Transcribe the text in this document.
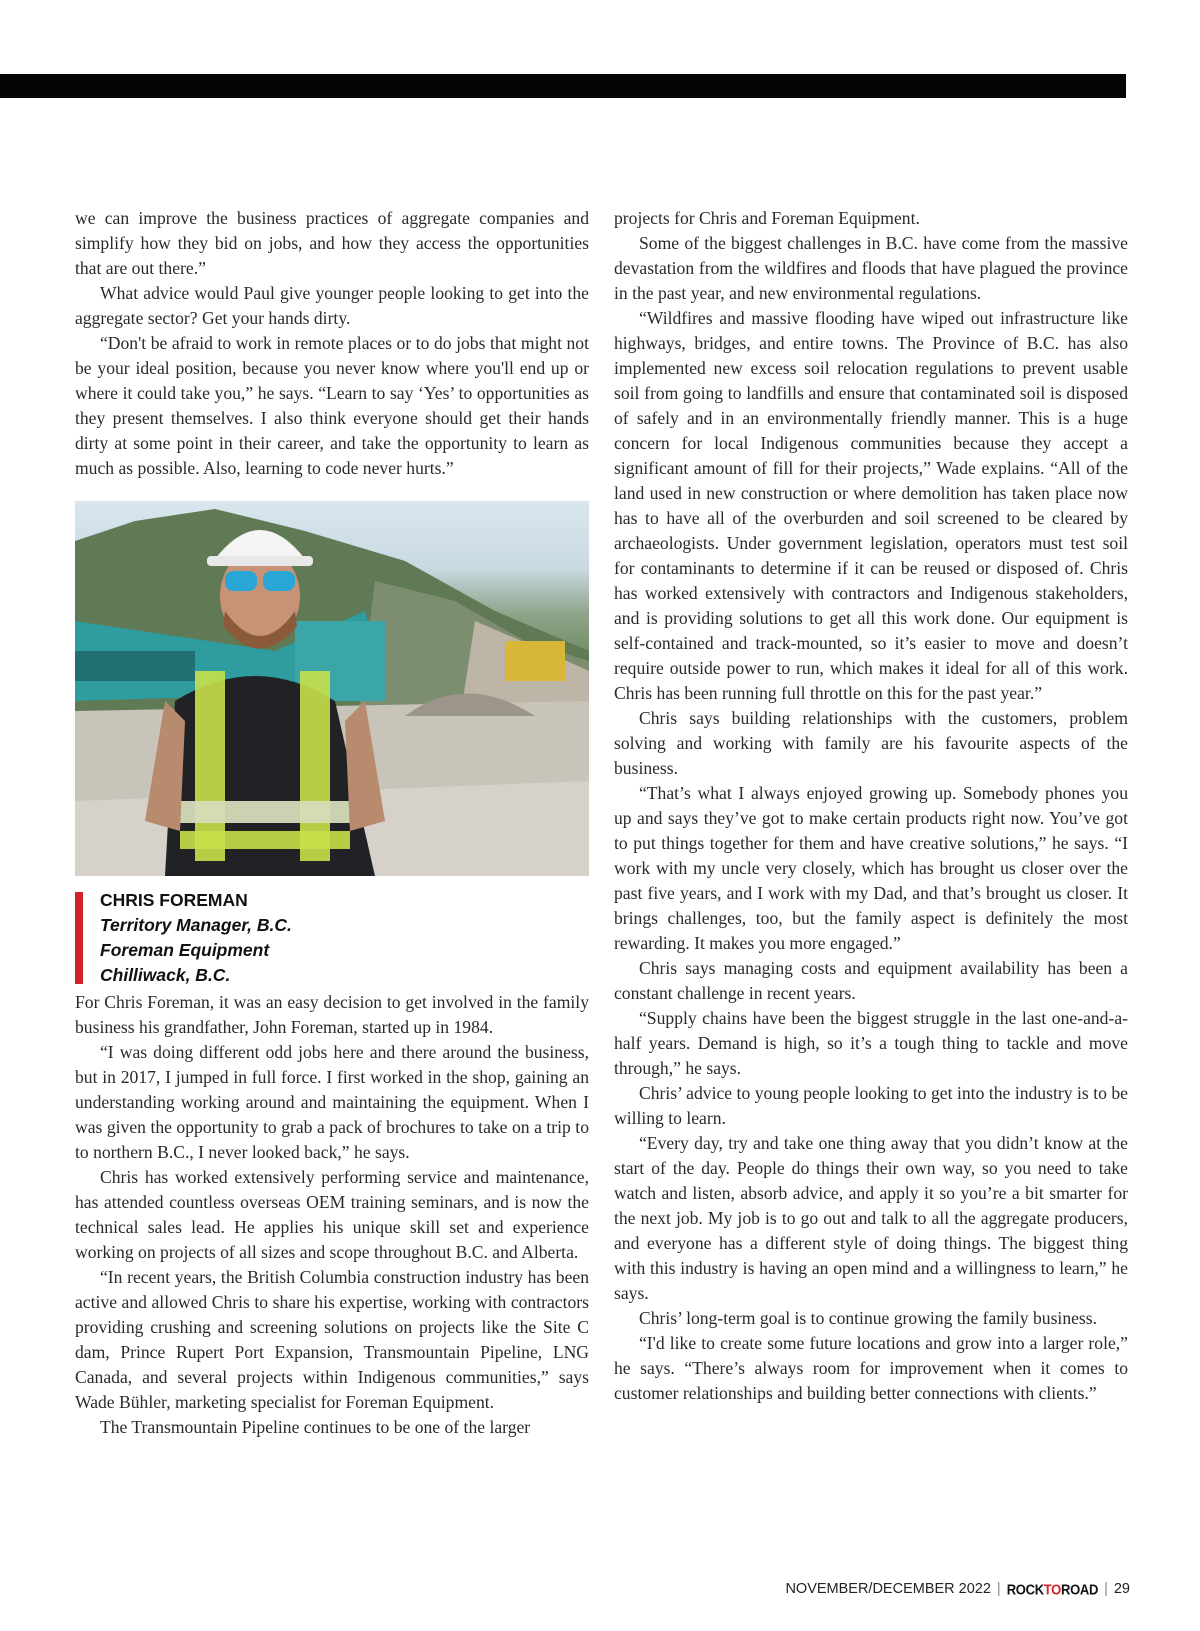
we can improve the business practices of aggregate companies and simplify how they bid on jobs, and how they access the opportunities that are out there.”

What advice would Paul give younger people looking to get into the aggregate sector? Get your hands dirty.

“Don't be afraid to work in remote places or to do jobs that might not be your ideal position, because you never know where you'll end up or where it could take you,” he says. “Learn to say ‘Yes’ to opportunities as they present themselves. I also think everyone should get their hands dirty at some point in their career, and take the opportunity to learn as much as possible. Also, learning to code never hurts.”

CHRIS FOREMAN
Territory Manager, B.C.
Foreman Equipment
Chilliwack, B.C.

For Chris Foreman, it was an easy decision to get involved in the family business his grandfather, John Foreman, started up in 1984.

“I was doing different odd jobs here and there around the business, but in 2017, I jumped in full force. I first worked in the shop, gaining an understanding working around and maintaining the equipment. When I was given the opportunity to grab a pack of brochures to take on a trip to to northern B.C., I never looked back,” he says.

Chris has worked extensively performing service and maintenance, has attended countless overseas OEM training seminars, and is now the technical sales lead. He applies his unique skill set and experience working on projects of all sizes and scope throughout B.C. and Alberta.

“In recent years, the British Columbia construction industry has been active and allowed Chris to share his expertise, working with contractors providing crushing and screening solutions on projects like the Site C dam, Prince Rupert Port Expansion, Transmountain Pipeline, LNG Canada, and several projects within Indigenous communities,” says Wade Bühler, marketing specialist for Foreman Equipment.

The Transmountain Pipeline continues to be one of the larger

projects for Chris and Foreman Equipment.

Some of the biggest challenges in B.C. have come from the massive devastation from the wildfires and floods that have plagued the province in the past year, and new environmental regulations.

“Wildfires and massive flooding have wiped out infrastructure like highways, bridges, and entire towns. The Province of B.C. has also implemented new excess soil relocation regulations to prevent usable soil from going to landfills and ensure that contaminated soil is disposed of safely and in an environmentally friendly manner. This is a huge concern for local Indigenous communities because they accept a significant amount of fill for their projects,” Wade explains. “All of the land used in new construction or where demolition has taken place now has to have all of the overburden and soil screened to be cleared by archaeologists. Under government legislation, operators must test soil for contaminants to determine if it can be reused or disposed of. Chris has worked extensively with contractors and Indigenous stakeholders, and is providing solutions to get all this work done. Our equipment is self-contained and track-mounted, so it’s easier to move and doesn’t require outside power to run, which makes it ideal for all of this work. Chris has been running full throttle on this for the past year.”

Chris says building relationships with the customers, problem solving and working with family are his favourite aspects of the business.

“That’s what I always enjoyed growing up. Somebody phones you up and says they’ve got to make certain products right now. You’ve got to put things together for them and have creative solutions,” he says. “I work with my uncle very closely, which has brought us closer over the past five years, and I work with my Dad, and that’s brought us closer. It brings challenges, too, but the family aspect is definitely the most rewarding. It makes you more engaged.”

Chris says managing costs and equipment availability has been a constant challenge in recent years.

“Supply chains have been the biggest struggle in the last one-and-a-half years. Demand is high, so it’s a tough thing to tackle and move through,” he says.

Chris’ advice to young people looking to get into the industry is to be willing to learn.

“Every day, try and take one thing away that you didn’t know at the start of the day. People do things their own way, so you need to take watch and listen, absorb advice, and apply it so you’re a bit smarter for the next job. My job is to go out and talk to all the aggregate producers, and everyone has a different style of doing things. The biggest thing with this industry is having an open mind and a willingness to learn,” he says.

Chris’ long-term goal is to continue growing the family business.

“I'd like to create some future locations and grow into a larger role,” he says. “There’s always room for improvement when it comes to customer relationships and building better connections with clients.”

NOVEMBER/DECEMBER 2022 | ROCKTOROAD | 29
